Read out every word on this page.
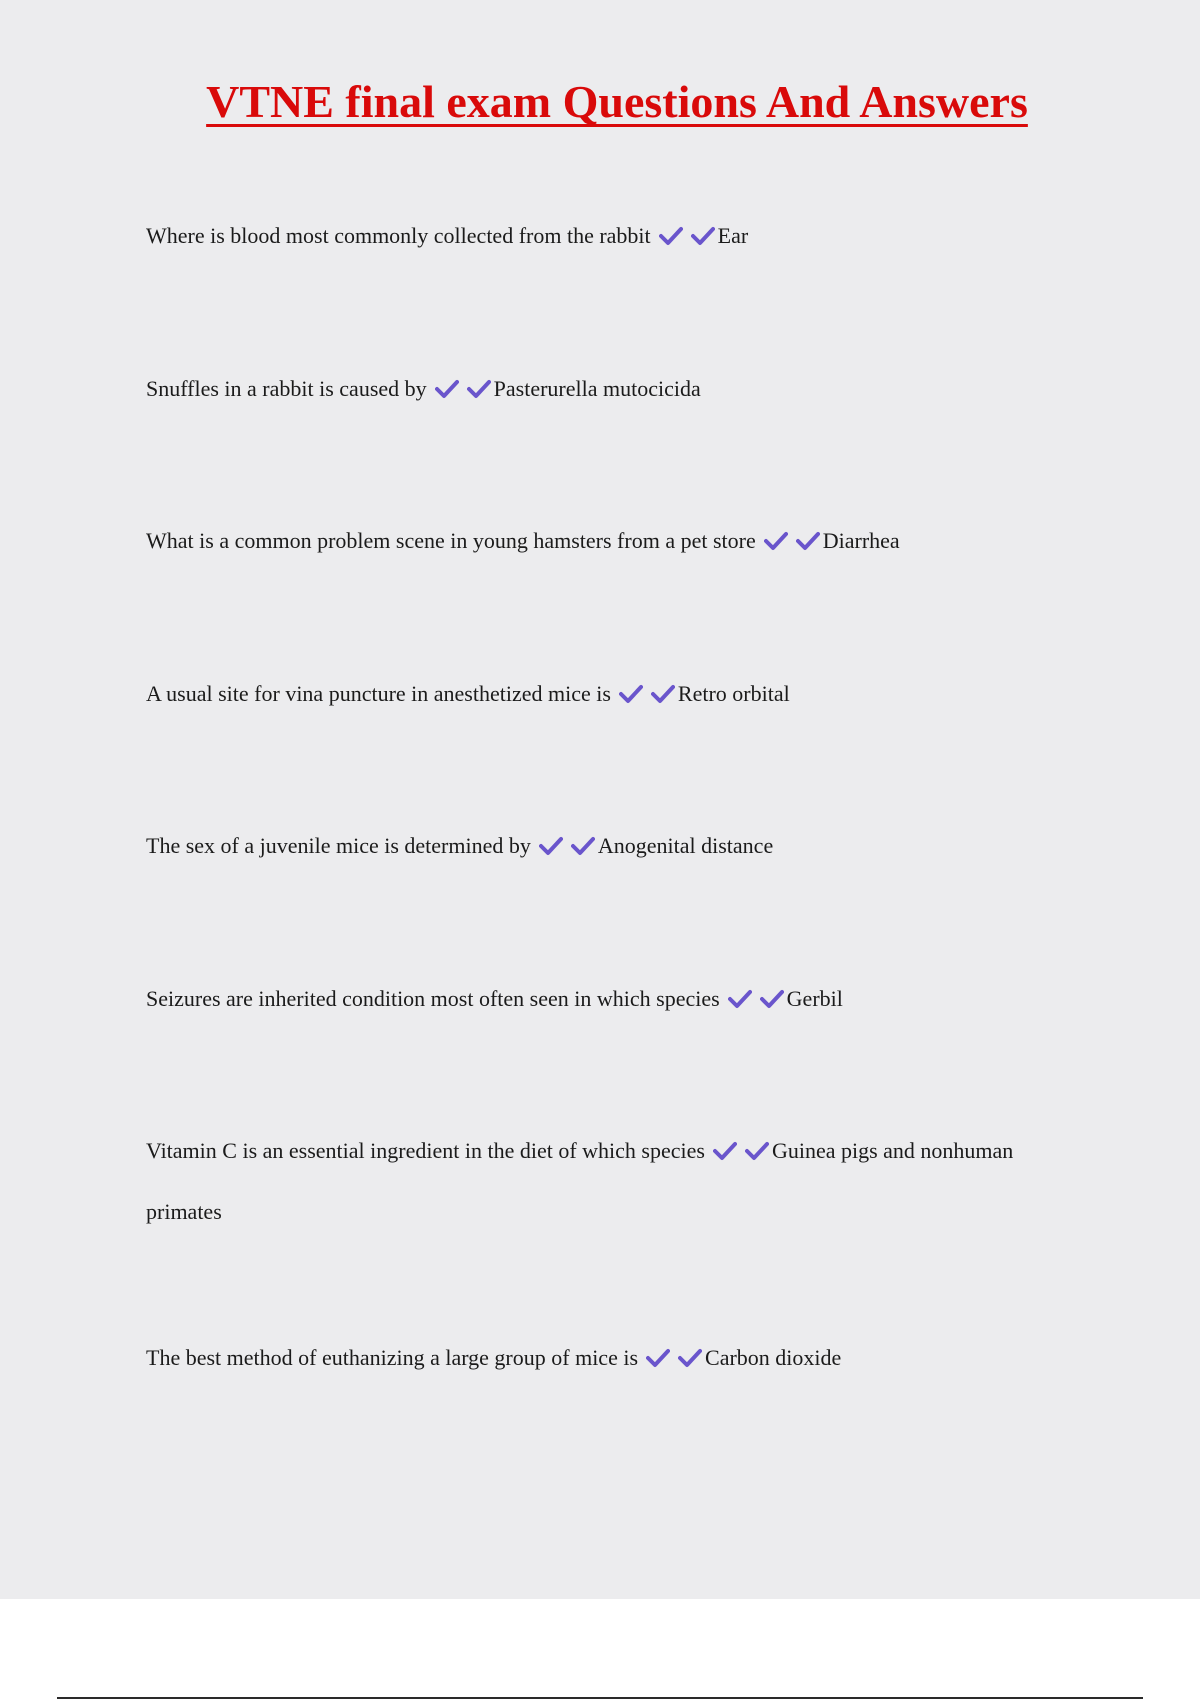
VTNE final exam Questions And Answers

Where is blood most commonly collected from the rabbit	Ear

Snuffles in a rabbit is caused by	Pasterurella mutocicida

What is a common problem scene in young hamsters from a pet store	Diarrhea

A usual site for vina puncture in anesthetized mice is	Retro orbital

The sex of a juvenile mice is determined by	Anogenital distance

Seizures are inherited condition most often seen in which species	Gerbil

Vitamin C is an essential ingredient in the diet of which species	Guinea pigs and nonhuman primates

The best method of euthanizing a large group of mice is	Carbon dioxide
